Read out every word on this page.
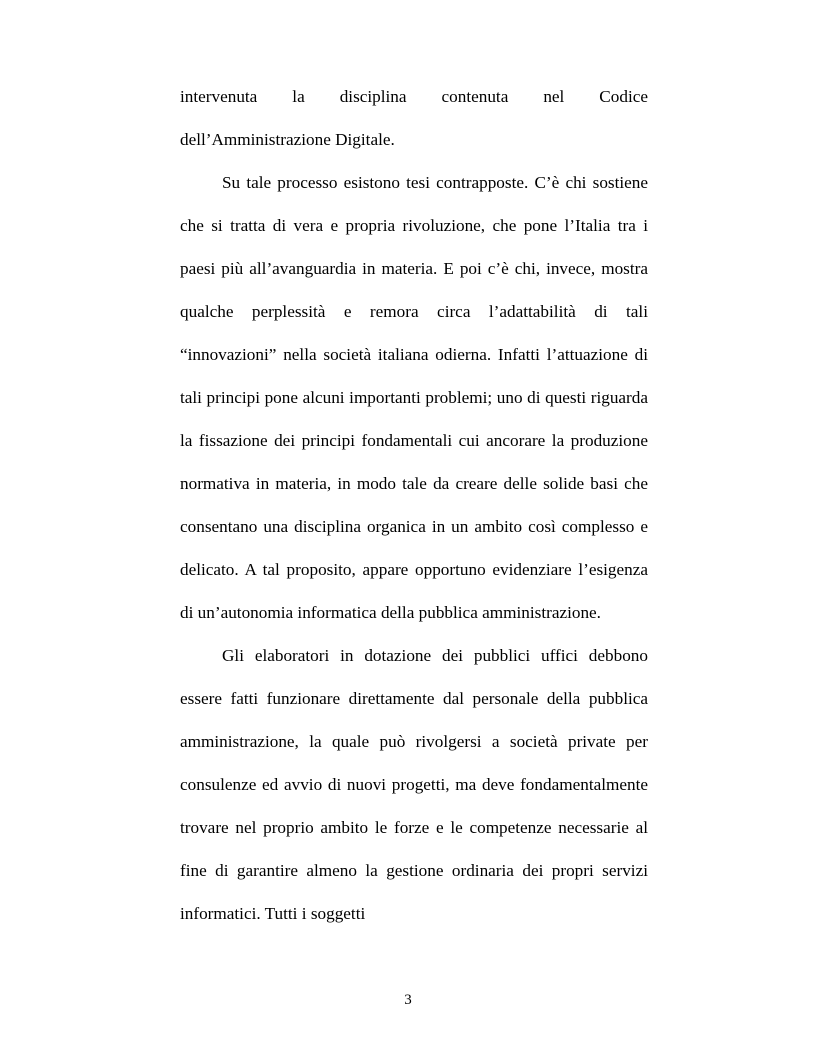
intervenuta la disciplina contenuta nel Codice dell’Amministrazione Digitale.

Su tale processo esistono tesi contrapposte. C’è chi sostiene che si tratta di vera e propria rivoluzione, che pone l’Italia tra i paesi più all’avanguardia in materia. E poi c’è chi, invece, mostra qualche perplessità e remora circa l’adattabilità di tali “innovazioni” nella società italiana odierna. Infatti l’attuazione di tali principi pone alcuni importanti problemi; uno di questi riguarda la fissazione dei principi fondamentali cui ancorare la produzione normativa in materia, in modo tale da creare delle solide basi che consentano una disciplina organica in un ambito così complesso e delicato. A tal proposito, appare opportuno evidenziare l’esigenza di un’autonomia informatica della pubblica amministrazione.

Gli elaboratori in dotazione dei pubblici uffici debbono essere fatti funzionare direttamente dal personale della pubblica amministrazione, la quale può rivolgersi a società private per consulenze ed avvio di nuovi progetti, ma deve fondamentalmente trovare nel proprio ambito le forze e le competenze necessarie al fine di garantire almeno la gestione ordinaria dei propri servizi informatici. Tutti i soggetti

3
